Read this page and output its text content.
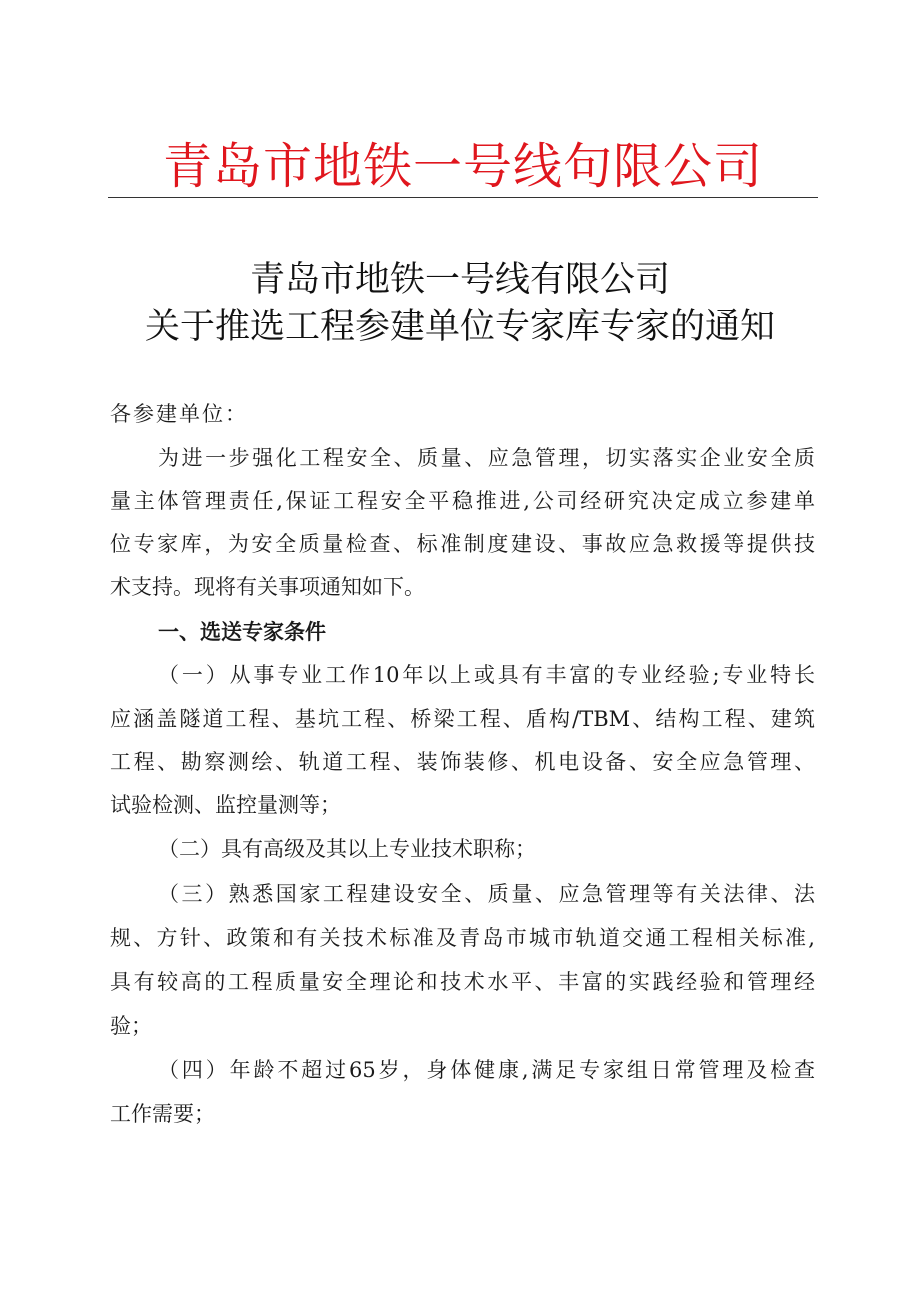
青岛市地铁一号线句限公司
青岛市地铁一号线有限公司
关于推选工程参建单位专家库专家的通知
各参建单位：
为进一步强化工程安全、质量、应急管理，切实落实企业安全质
量主体管理责任,保证工程安全平稳推进,公司经研究决定成立参建单
位专家库，为安全质量检查、标准制度建设、事故应急救援等提供技
术支持。现将有关事项通知如下。
一、选送专家条件
（一）从事专业工作10年以上或具有丰富的专业经验;专业特长
应涵盖隧道工程、基坑工程、桥梁工程、盾构/TBM、结构工程、建筑
工程、勘察测绘、轨道工程、装饰装修、机电设备、安全应急管理、
试验检测、监控量测等；
（二）具有高级及其以上专业技术职称；
（三）熟悉国家工程建设安全、质量、应急管理等有关法律、法
规、方针、政策和有关技术标准及青岛市城市轨道交通工程相关标准,
具有较高的工程质量安全理论和技术水平、丰富的实践经验和管理经
验；
（四）年龄不超过65岁，身体健康,满足专家组日常管理及检查
工作需要；
